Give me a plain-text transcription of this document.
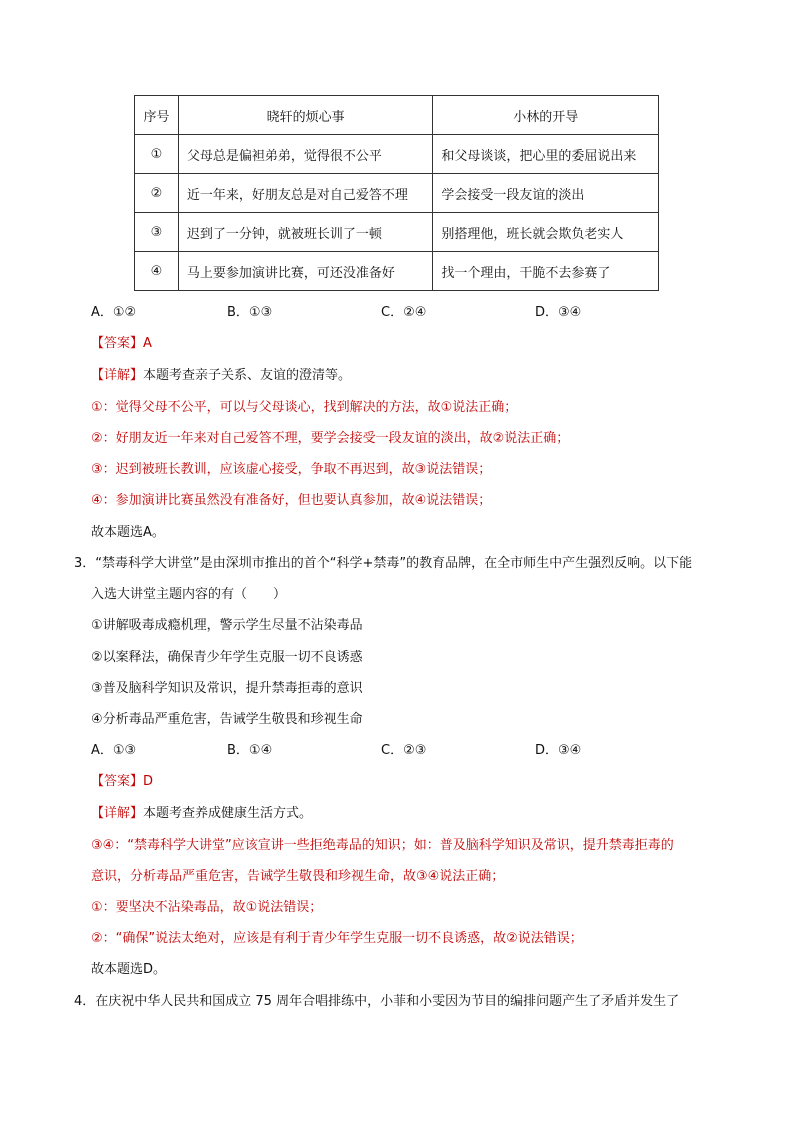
序号	晓轩的烦心事	小林的开导
①	父母总是偏袒弟弟，觉得很不公平	和父母谈谈，把心里的委屈说出来
②	近一年来，好朋友总是对自己爱答不理	学会接受一段友谊的淡出
③	迟到了一分钟，就被班长训了一顿	别搭理他，班长就会欺负老实人
④	马上要参加演讲比赛，可还没准备好	找一个理由，干脆不去参赛了
A．①②	B．①③	C．②④	D．③④
【答案】A
【详解】本题考查亲子关系、友谊的澄清等。
①：觉得父母不公平，可以与父母谈心，找到解决的方法，故①说法正确；
②：好朋友近一年来对自己爱答不理，要学会接受一段友谊的淡出，故②说法正确；
③：迟到被班长教训，应该虚心接受，争取不再迟到，故③说法错误；
④：参加演讲比赛虽然没有准备好，但也要认真参加，故④说法错误；
故本题选A。
3．“禁毒科学大讲堂”是由深圳市推出的首个“科学+禁毒”的教育品牌，在全市师生中产生强烈反响。以下能
入选大讲堂主题内容的有（　　）
①讲解吸毒成瘾机理，警示学生尽量不沾染毒品
②以案释法，确保青少年学生克服一切不良诱惑
③普及脑科学知识及常识，提升禁毒拒毒的意识
④分析毒品严重危害，告诫学生敬畏和珍视生命
A．①③	B．①④	C．②③	D．③④
【答案】D
【详解】本题考查养成健康生活方式。
③④：“禁毒科学大讲堂”应该宣讲一些拒绝毒品的知识；如：普及脑科学知识及常识，提升禁毒拒毒的
意识，分析毒品严重危害，告诫学生敬畏和珍视生命，故③④说法正确；
①：要坚决不沾染毒品，故①说法错误；
②：“确保”说法太绝对，应该是有利于青少年学生克服一切不良诱惑，故②说法错误；
故本题选D。
4．在庆祝中华人民共和国成立 75 周年合唱排练中，小菲和小雯因为节目的编排问题产生了矛盾并发生了
